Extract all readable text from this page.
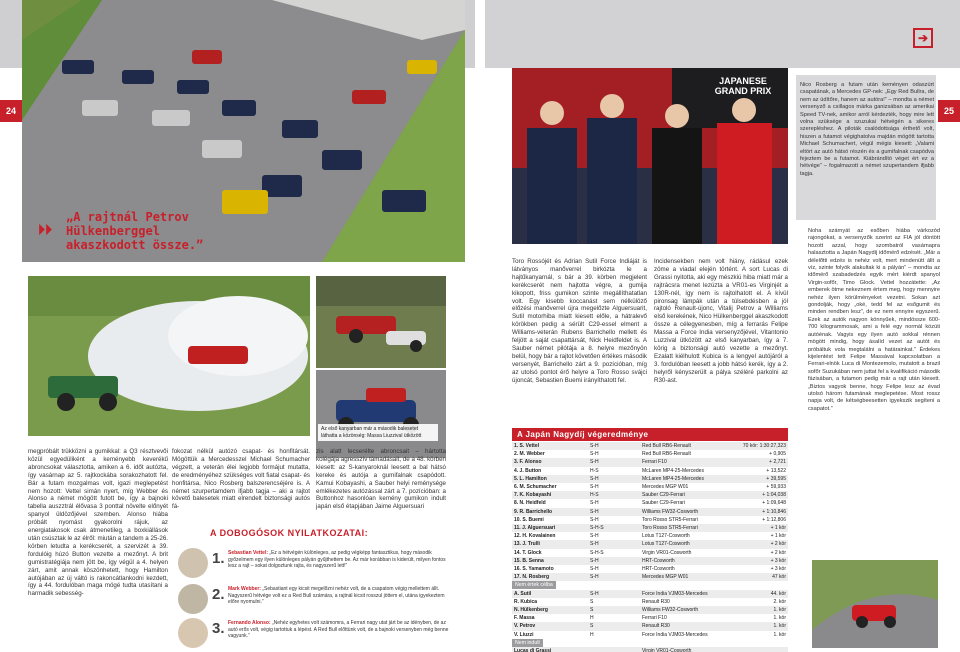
➔
24	25
⏵⏵
„A rajtnál Petrov Hülkenberggel akaszkodott össze.”
Az első kanyarban már a második balesetet láthatta a közönség: Massa Liuzzival ütközött
JAPANESE GRAND PRIX
Nico Rosberg a futam után keményen odaszúrt csapatának, a Mercedes GP-nek: „Egy Red Bullra, de nem az üdítőre, hanem az autóra!” – mondta a német versenyző a csillagos márka ganizsában az amerikai Speed TV-nek, amikor arról kérdezték, hogy mire lett volna szüksége a szuzukai hétvégén a sikeres szerepléshez. A piloták csalódottsága érthető volt, hiszen a futamot végighatolva majdán mögött tartotta Michael Schumachert, végül mégis kiesett: „Valami eltört az autó hátsó részén és a gumifalnak csapódva fejeztem be a futamot. Kiábrándító véget ért ez a hétvége” – fogalmazott a német szupertandem ifjabb tagja.
megpróbált trükközni a gumikkal: a Q3 résztvevői közül egyedüliként a keményebb keverékű abroncsokat választotta, amiken a 6. időt autózta, így vasárnap az 5. rajtkockába sorakozhatott fel. Bár a futam mozgalmas volt, igazi meglepetést nem hozott: Vettel simán nyert, míg Webber és Alonso a német mögött futott be, így a bajnoki tabella auszztrál élővasa 3 ponttal növelte előnyét spanyol üldözőjével szemben. Alonso hiába próbált nyomást gyakorolni rájuk, az energiatakosok csak átmenetileg, a boxkiállások után csúsztak le az élről: miután a tandem a 25-26. körben letudta a kerékcserét, a szervizét a 39. fordulóig húzó Button vezette a mezőnyt. A brit gumistratégiája nem jött be, így végül a 4. helyen zárt, amit annak köszönhetett, hogy Hamilton autójában az új váltó is rakoncátlankodni kezdett, így a 44. fordulóban maga mögé tudta utasítani a harmadik sebesség-
fokozat nélkül autózó csapat- és honfitársát. Mögöttük a Mercedesszel Michael Schumacher végzett, a veterán élei legjobb formájut mutatta, de eredményéhez szükséges volt fiatal csapat- és honfitársa, Nico Rosberg balszerencséjére is. A német szurpertamdem ifjabb tagja – aki a rajtot követő balesetek miatt elrendelt biztonsági autós fá-
zis alatt lecserélte abroncsait – hártotta kolégája agresszív támadásait, de a 48. körben kiesett: az S-kanyaroknál leesett a bal hátsó kereke és autója a gumifalnak csapódott. Kamui Kobayashi, a Sauber helyi reménysége emlékezetes autózással zárt a 7. pozícióban: a Buttonhoz hasonlóan kemény gumikon indult japán első étapjában Jaime Alguersuari
A DOBOGÓSOK NYILATKOZATAI:
1.
2.
3.
Sebastian Vettel: „Ez a hétvégén különleges, az pedig végképp fantasztikus, hogy második győzelmem egy ilyen különleges pályán gyűjthettem be. Az már korábban is kiderült, milyen fontos lesz a rajt – sokat dolgoztunk rajta, és nagyszerű lett!”
Mark Webber: „Sebastiant egy kicsit megelőzni nehéz volt, de a csapatom végig mellettem állt. Nagyszerű hétvége volt ez a Red Bull számára, a rajtnál kicsit rosszul jöttem el, utána igyekeztem előre nyomulni.”
Fernando Alonso: „Nehéz egyhetes volt számomra, a Ferrari nagy utat járt be az idényben, de az autó erős volt, végig tartottuk a lépést. A Red Bull előttünk volt, de a bajnoki versenyben még benne vagyunk.”
Toro Rossójét és Adrian Sutil Force Indiáját is látványos manőverrel birkózta le a hajtűkanyarnál, s bár a 39. körben megjelent kerékcserét nem hajtotta végre, a gumija kikopott, friss gumikon szinte megállíthatatlan volt. Egy kisebb koccanást sem nélkülöző előzési manőverrel újra megelőzte Alguersuarit, Sutil motorhiba miatt kiesett előle, a hátralevő körökben pedig a sérült C29-essel elment a Williams-veterán Rubens Barrichello mellett és feljött a saját csapattársát, Nick Heidfeldet is. A Sauber német pilótája a 8. helyre mezőnyön belül, hogy bár a rajtot követően értékes második versenyét, Barrichello zárt a 9. pozícióban, míg az utolsó pontot érő helyre a Toro Rosso svájci újoncát, Sebastien Buemi irányíthatott fel.
Incidensekben nem volt hiány, rádásul ezek zöme a viadal elején történt. A sort Lucas di Grassi nyitotta, aki egy mészkiú hiba miatt már a rajtrácsra menet lezúzta a VR01-es Virginjét a 130R-nél, így nem is rajtolhatott el. A kívül pironsag lámpák után a túlsebdésben a jól rajtoló Renault-újonc, Vitalij Petrov a Williams első kerekének, Nico Hülkenberggel akaszkodott össze a célegyenesben, míg a ferrarás Felipe Massa a Force India versenyzőjével, Vitantonio Luzzival ütközött az első kanyarban, így a 7. körig a biztonsági autó vezette a mezőnyt. Ezalatt kiélhulott Kubica is a lengyel autójáról a 3. fordulóban leesett a jobb hátsó kerék, így a 2. helyről kényszerült a pálya széléré parkolni az R30-ast.
Noha szárnyát az esőben hiába várkozód rajongókat, a versenyzők szerint az FIA jól döntött hozott azzal, hogy szombatról vasárnapra halasztotta a Japán Nagydíj időmérő edzését. „Már a délelőtti edzés is nehéz volt, mert mindenütt állt a víz, szinte folyók alakultak ki a pályán” – mondta az időmérő szabadedzés egyik mért kiérdt spanyol Virgin-sofőr, Timo Glock. Vettel hozzátette: „Az emberek ötme nekeznem értem meg, hogy mennyire nehéz ilyen körülményeket vezetni. Sokan azt gondolják, hogy „oké, tedd fel az esőgumit és minden rendben lesz”, de ez nem ennyire egyszerű. Ezek az autók nagyon könnyűek, mindössze 600-700 kilogrammosak, ami a felé egy normál közúti autóénak. Vagyis egy ilyen autó sokkal rénnen mögött mindig, hogy ásalíd vezet az autót és próbáltuk vola megtalálni a határainkat.” Érdekes kijelentést tett Felipe Massával kapcsolatban a Ferrari-elnök Luca di Montezemolo, mutatott a brazil sofőr Suzukában nem juttat fel a kvalifikáció második fázisában, a futamon pedig már a rajt után kiesett. „Biztos vagyok benne, hogy Felipe lesz az évad utolsó három futamának meglepetése. Most rossz napja volt, de kétségbeesetten igyekszik segíteni a csapatot.”
A Japán Nagydíj végeredménye
1. S. Vettel	S-H	Red Bull RB6-Renault	70 kör: 1:30:27,323
2. M. Webber	S-H	Red Bull RB6-Renault	+ 0,905
3. F. Alonso	S-H	Ferrari F10	+ 2,721
4. J. Button	H-S	McLaren MP4-25-Mercedes	+ 13,522
5. L. Hamilton	S-H	McLaren MP4-25-Mercedes	+ 39,595
6. M. Schumacher	S-H	Mercedes MGP W01	+ 59,933
7. K. Kobayashi	H-S	Sauber C29-Ferrari	+ 1:04,038
8. N. Heidfeld	S-H	Sauber C29-Ferrari	+ 1:09,648
9. R. Barrichello	S-H	Williams FW32-Cosworth	+ 1:10,846
10. S. Buemi	S-H	Toro Rosso STR5-Ferrari	+ 1:12,806
11. J. Alguersuari	S-H-S	Toro Rosso STR5-Ferrari	+ 1 kör
12. H. Kovalainen	S-H	Lotus T127-Cosworth	+ 1 kör
13. J. Trulli	S-H	Lotus T127-Cosworth	+ 2 kör
14. T. Glock	S-H-S	Virgin VR01-Cosworth	+ 2 kör
15. B. Senna	S-H	HRT-Cosworth	+ 3 kör
16. S. Yamamoto	S-H	HRT-Cosworth	+ 3 kör
17. N. Rosberg	S-H	Mercedes MGP W01	47 kör
Nem értek célba
A. Sutil	S-H	Force India VJM03-Mercedes	44. kör
R. Kubica	S	Renault R30	2. kör
N. Hülkenberg	S	Williams FW32-Cosworth	1. kör
F. Massa	H	Ferrari F10	1. kör
V. Petrov	S	Renault R30	1. kör
V. Liuzzi	H	Force India VJM03-Mercedes	1. kör
Nem indult
Lucas di Grassi	Virgin VR01-Cosworth
